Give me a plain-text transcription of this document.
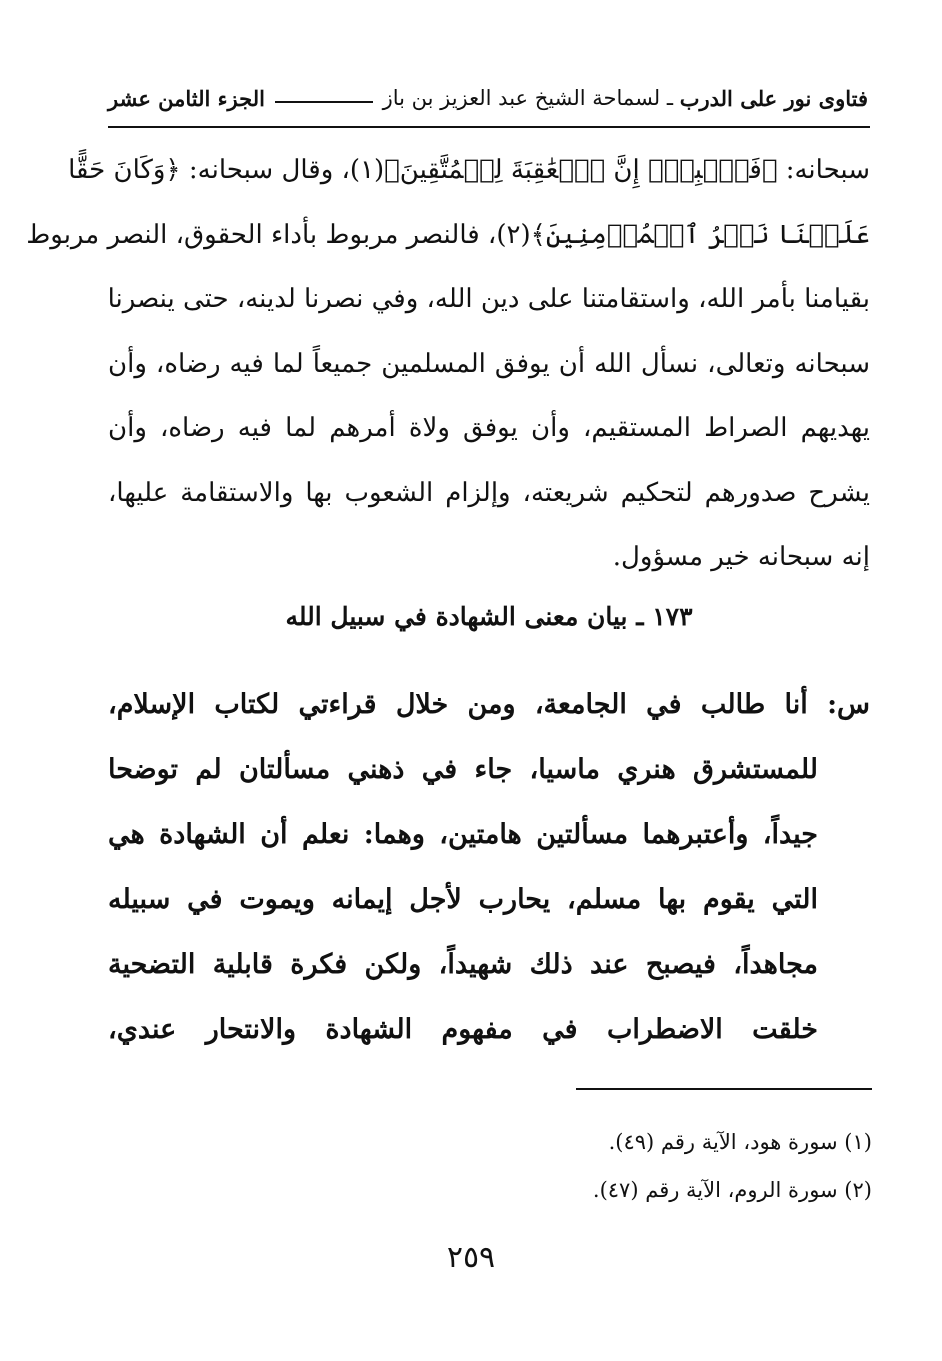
فتاوى نور على الدرب
ـ
لسماحة الشيخ عبد العزيز بن باز
الجزء الثامن عشر
سبحانه: ﴿فَٱصۡبِرۡۖ إِنَّ ٱلۡعَٰقِبَةَ لِلۡمُتَّقِينَ﴾(١)، وقال سبحانه: ﴿وَكَانَ حَقًّا
عَلَيۡنَا نَصۡرُ ٱلۡمُؤۡمِنِينَ﴾(٢)، فالنصر مربوط بأداء الحقوق، النصر مربوط
بقيامنا بأمر الله، واستقامتنا على دين الله، وفي نصرنا لدينه، حتى ينصرنا
سبحانه وتعالى، نسأل الله أن يوفق المسلمين جميعاً لما فيه رضاه، وأن
يهديهم الصراط المستقيم، وأن يوفق ولاة أمرهم لما فيه رضاه، وأن
يشرح صدورهم لتحكيم شريعته، وإلزام الشعوب بها والاستقامة عليها،
إنه سبحانه خير مسؤول.
١٧٣ ـ بيان معنى الشهادة في سبيل الله
س: أنا طالب في الجامعة، ومن خلال قراءتي لكتاب الإسلام،
للمستشرق هنري ماسيا، جاء في ذهني مسألتان لم توضحا
جيداً، وأعتبرهما مسألتين هامتين، وهما: نعلم أن الشهادة هي
التي يقوم بها مسلم، يحارب لأجل إيمانه ويموت في سبيله
مجاهداً، فيصبح عند ذلك شهيداً، ولكن فكرة قابلية التضحية
خلقت الاضطراب في مفهوم الشهادة والانتحار عندي،
(١) سورة هود، الآية رقم (٤٩).
(٢) سورة الروم، الآية رقم (٤٧).
٢٥٩
